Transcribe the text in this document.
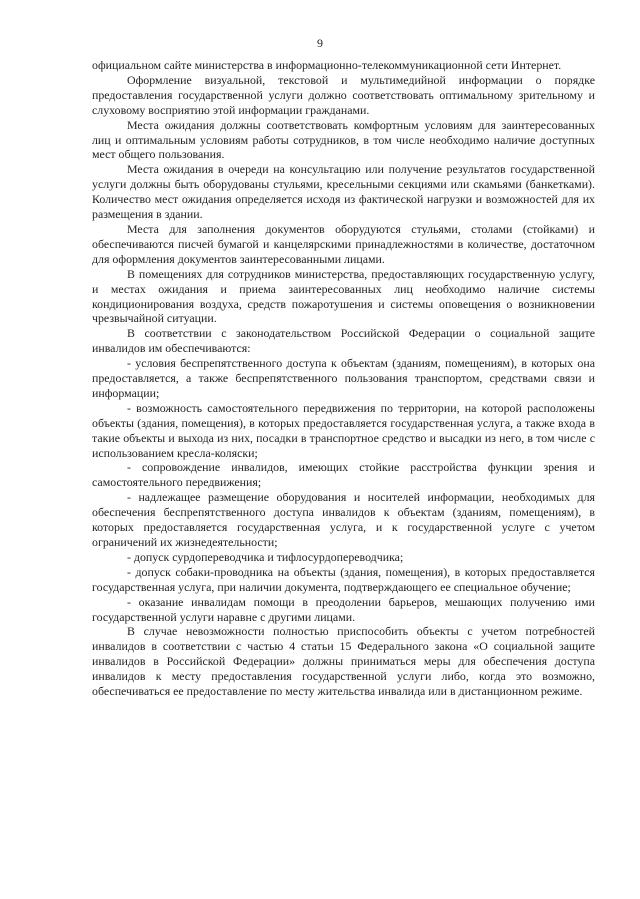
9

официальном сайте министерства в информационно-телекоммуникационной сети Интернет.

Оформление визуальной, текстовой и мультимедийной информации о порядке предоставления государственной услуги должно соответствовать оптимальному зрительному и слуховому восприятию этой информации гражданами.

Места ожидания должны соответствовать комфортным условиям для заинтересованных лиц и оптимальным условиям работы сотрудников, в том числе необходимо наличие доступных мест общего пользования.

Места ожидания в очереди на консультацию или получение результатов государственной услуги должны быть оборудованы стульями, кресельными секциями или скамьями (банкетками). Количество мест ожидания определяется исходя из фактической нагрузки и возможностей для их размещения в здании.

Места для заполнения документов оборудуются стульями, столами (стойками) и обеспечиваются писчей бумагой и канцелярскими принадлежностями в количестве, достаточном для оформления документов заинтересованными лицами.

В помещениях для сотрудников министерства, предоставляющих государственную услугу, и местах ожидания и приема заинтересованных лиц необходимо наличие системы кондиционирования воздуха, средств пожаротушения и системы оповещения о возникновении чрезвычайной ситуации.

В соответствии с законодательством Российской Федерации о социальной защите инвалидов им обеспечиваются:

- условия беспрепятственного доступа к объектам (зданиям, помещениям), в которых она предоставляется, а также беспрепятственного пользования транспортом, средствами связи и информации;

- возможность самостоятельного передвижения по территории, на которой расположены объекты (здания, помещения), в которых предоставляется государственная услуга, а также входа в такие объекты и выхода из них, посадки в транспортное средство и высадки из него, в том числе с использованием кресла-коляски;

- сопровождение инвалидов, имеющих стойкие расстройства функции зрения и самостоятельного передвижения;

- надлежащее размещение оборудования и носителей информации, необходимых для обеспечения беспрепятственного доступа инвалидов к объектам (зданиям, помещениям), в которых предоставляется государственная услуга, и к государственной услуге с учетом ограничений их жизнедеятельности;

- допуск сурдопереводчика и тифлосурдопереводчика;

- допуск собаки-проводника на объекты (здания, помещения), в которых предоставляется государственная услуга, при наличии документа, подтверждающего ее специальное обучение;

- оказание инвалидам помощи в преодолении барьеров, мешающих получению ими государственной услуги наравне с другими лицами.

В случае невозможности полностью приспособить объекты с учетом потребностей инвалидов в соответствии с частью 4 статьи 15 Федерального закона «О социальной защите инвалидов в Российской Федерации» должны приниматься меры для обеспечения доступа инвалидов к месту предоставления государственной услуги либо, когда это возможно, обеспечиваться ее предоставление по месту жительства инвалида или в дистанционном режиме.
